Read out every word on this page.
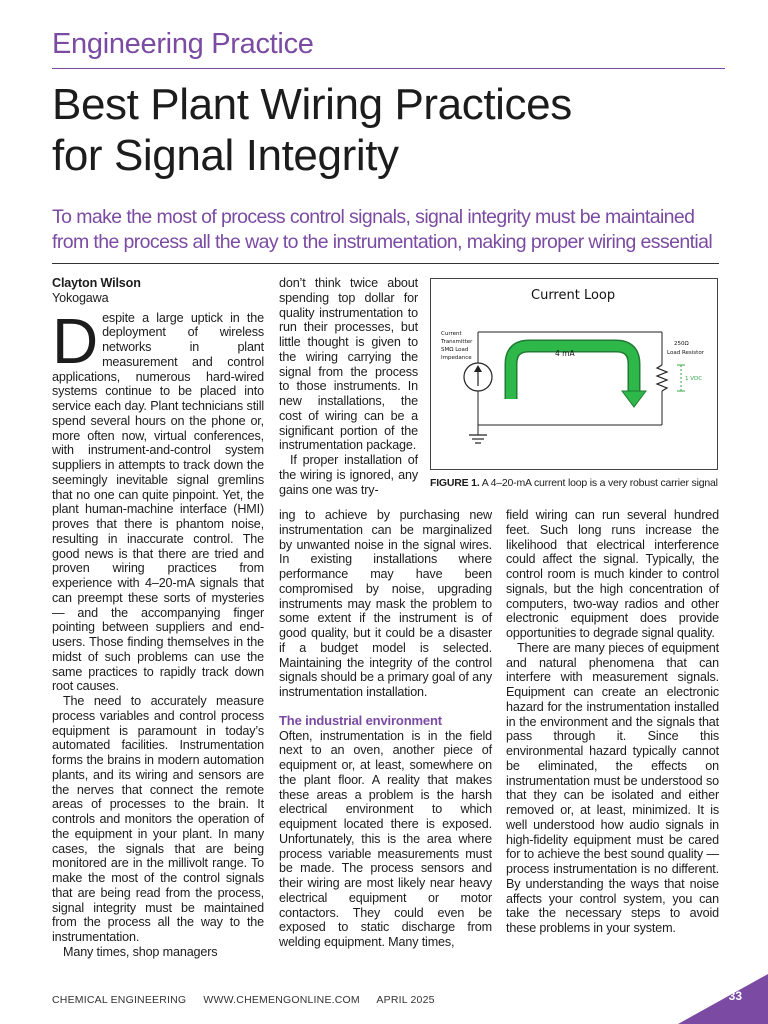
Engineering Practice
Best Plant Wiring Practices
for Signal Integrity

To make the most of process control signals, signal integrity must be maintained from the process all the way to the instrumentation, making proper wiring essential

Clayton Wilson

Yokogawa

Despite a large uptick in the deployment of wireless networks in plant measurement and control applications, numerous hard-wired systems continue to be placed into service each day. Plant technicians still spend several hours on the phone or, more often now, virtual conferences, with instrument-and-control system suppliers in attempts to track down the seemingly inevitable signal gremlins that no one can quite pinpoint. Yet, the plant human-machine interface (HMI) proves that there is phantom noise, resulting in inaccurate control. The good news is that there are tried and proven wiring practices from experience with 4–20-mA signals that can preempt these sorts of mysteries — and the accompanying finger pointing between suppliers and end-users. Those finding themselves in the midst of such problems can use the same practices to rapidly track down root causes.

The need to accurately measure process variables and control process equipment is paramount in today’s automated facilities. Instrumentation forms the brains in modern automation plants, and its wiring and sensors are the nerves that connect the remote areas of processes to the brain. It controls and monitors the operation of the equipment in your plant. In many cases, the signals that are being monitored are in the millivolt range. To make the most of the control signals that are being read from the process, signal integrity must be maintained from the process all the way to the instrumentation.

Many times, shop managers

don’t think twice about spending top dollar for quality instrumentation to run their processes, but little thought is given to the wiring carrying the signal from the process to those instruments. In new installations, the cost of wiring can be a significant portion of the instrumentation package.

If proper installation of the wiring is ignored, any gains one was try-

Current Loop
1 VDC
4 mA
Current
Transmitter
SMΩ Load
Impedance
250Ω
Load Resistor
FIGURE 1. A 4–20-mA current loop is a very robust carrier signal

ing to achieve by purchasing new instrumentation can be marginalized by unwanted noise in the signal wires. In existing installations where performance may have been compromised by noise, upgrading instruments may mask the problem to some extent if the instrument is of good quality, but it could be a disaster if a budget model is selected. Maintaining the integrity of the control signals should be a primary goal of any instrumentation installation.

The industrial environment

Often, instrumentation is in the field next to an oven, another piece of equipment or, at least, somewhere on the plant floor. A reality that makes these areas a problem is the harsh electrical environment to which equipment located there is exposed. Unfortunately, this is the area where process variable measurements must be made. The process sensors and their wiring are most likely near heavy electrical equipment or motor contactors. They could even be exposed to static discharge from welding equipment. Many times,

field wiring can run several hundred feet. Such long runs increase the likelihood that electrical interference could affect the signal. Typically, the control room is much kinder to control signals, but the high concentration of computers, two-way radios and other electronic equipment does provide opportunities to degrade signal quality.

There are many pieces of equipment and natural phenomena that can interfere with measurement signals. Equipment can create an electronic hazard for the instrumentation installed in the environment and the signals that pass through it. Since this environmental hazard typically cannot be eliminated, the effects on instrumentation must be understood so that they can be isolated and either removed or, at least, minimized. It is well understood how audio signals in high-fidelity equipment must be cared for to achieve the best sound quality — process instrumentation is no different. By understanding the ways that noise affects your control system, you can take the necessary steps to avoid these problems in your system.

CHEMICAL ENGINEERING WWW.CHEMENGONLINE.COM APRIL 2025	33
